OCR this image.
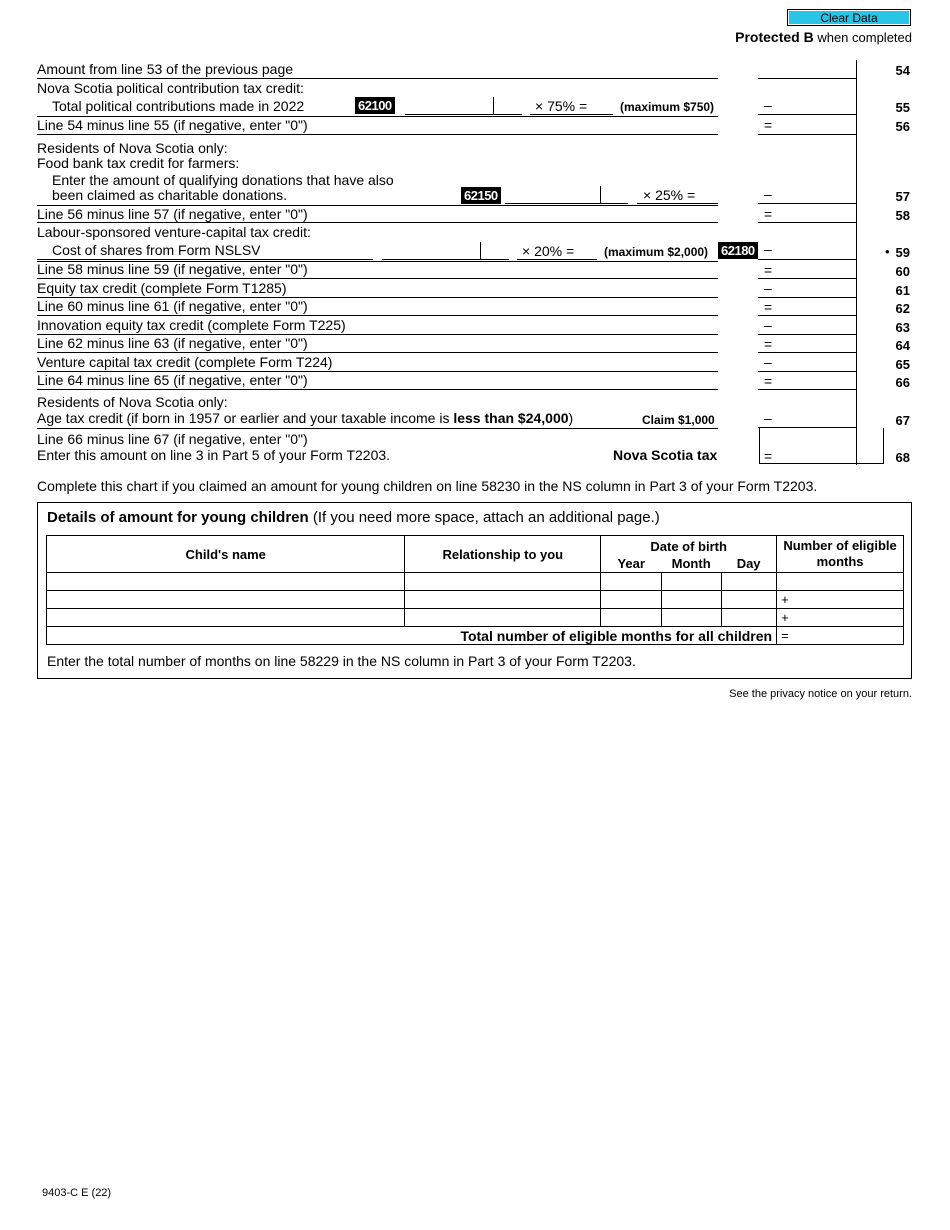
Clear Data
Protected B when completed
Amount from line 53 of the previous page	54
Nova Scotia political contribution tax credit:
Total political contributions made in 2022	62100	× 75% =	(maximum $750)	–	55
Line 54 minus line 55 (if negative, enter "0")	=	56
Residents of Nova Scotia only:
Food bank tax credit for farmers:
Enter the amount of qualifying donations that have also
been claimed as charitable donations.	62150	× 25% =	–	57
Line 56 minus line 57 (if negative, enter "0")	=	58
Labour-sponsored venture-capital tax credit:
Cost of shares from Form NSLSV	× 20% = (maximum $2,000) 62180 –	• 59
Line 58 minus line 59 (if negative, enter "0")	=	60
Equity tax credit (complete Form T1285)	–	61
Line 60 minus line 61 (if negative, enter "0")	=	62
Innovation equity tax credit (complete Form T225)	–	63
Line 62 minus line 63 (if negative, enter "0")	=	64
Venture capital tax credit (complete Form T224)	–	65
Line 64 minus line 65 (if negative, enter "0")	=	66
Residents of Nova Scotia only:
Age tax credit (if born in 1957 or earlier and your taxable income is less than $24,000)	Claim $1,000	–	67
Line 66 minus line 67 (if negative, enter "0")
Enter this amount on line 3 in Part 5 of your Form T2203.	Nova Scotia tax	=	68
Complete this chart if you claimed an amount for young children on line 58230 in the NS column in Part 3 of your Form T2203.
Details of amount for young children (If you need more space, attach an additional page.)
Child's name	Relationship to you	Date of birth			Number of eligible months
		Year	Month	Day	

					+
					+
Total number of eligible months for all children					=
Enter the total number of months on line 58229 in the NS column in Part 3 of your Form T2203.
See the privacy notice on your return.
9403-C E (22)
